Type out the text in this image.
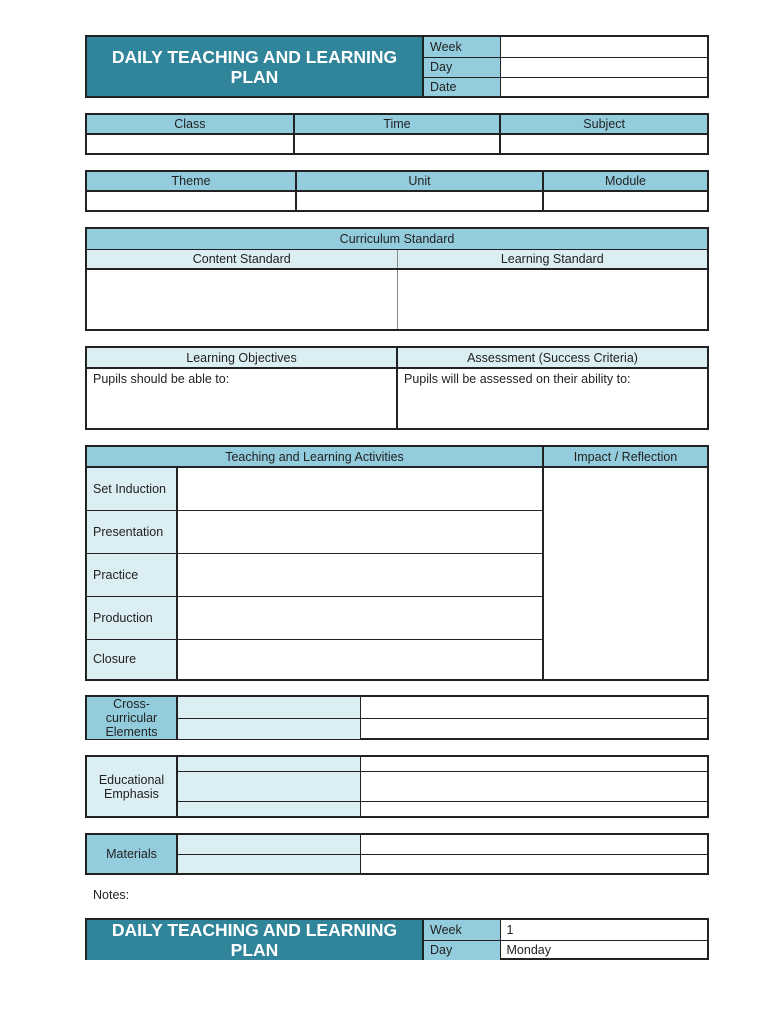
DAILY TEACHING AND LEARNING PLAN	Week	
	Day	
	Date	
Class	Time	Subject

Theme	Unit	Module

Curriculum Standard	
Content Standard	Learning Standard

Learning Objectives	Assessment (Success Criteria)
Pupils should be able to:	Pupils will be assessed on their ability to:
Teaching and Learning Activities		Impact / Reflection
Set Induction		
Presentation		
Practice		
Production		
Closure		
Cross-curricular Elements		

Educational Emphasis		

Materials		

Notes:
DAILY TEACHING AND LEARNING PLAN	Week	1
	Day	Monday
